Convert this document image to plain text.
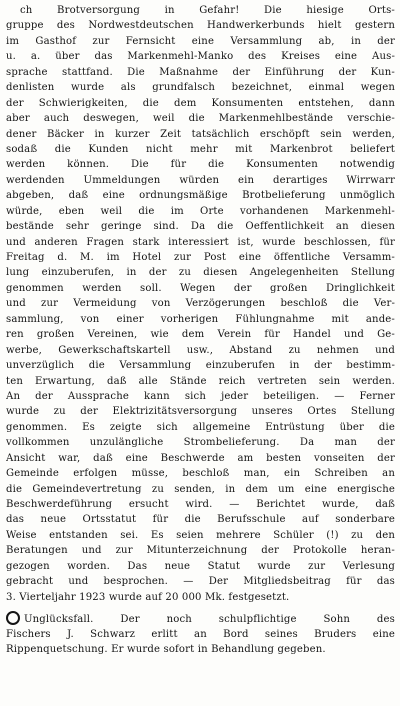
ch Brotversorgung in Gefahr! Die hiesige Orts-
gruppe des Nordwestdeutschen Handwerkerbunds hielt gestern
im Gasthof zur Fernsicht eine Versammlung ab, in der
u. a. über das Markenmehl-Manko des Kreises eine Aus-
sprache stattfand. Die Maßnahme der Einführung der Kun-
denlisten wurde als grundfalsch bezeichnet, einmal wegen
der Schwierigkeiten, die dem Konsumenten entstehen, dann
aber auch deswegen, weil die Markenmehlbestände verschie-
dener Bäcker in kurzer Zeit tatsächlich erschöpft sein werden,
sodaß die Kunden nicht mehr mit Markenbrot beliefert
werden können. Die für die Konsumenten notwendig
werdenden Ummeldungen würden ein derartiges Wirrwarr
abgeben, daß eine ordnungsmäßige Brotbelieferung unmöglich
würde, eben weil die im Orte vorhandenen Markenmehl-
bestände sehr geringe sind. Da die Oeffentlichkeit an diesen
und anderen Fragen stark interessiert ist, wurde beschlossen, für
Freitag d. M. im Hotel zur Post eine öffentliche Versamm-
lung einzuberufen, in der zu diesen Angelegenheiten Stellung
genommen werden soll. Wegen der großen Dringlichkeit
und zur Vermeidung von Verzögerungen beschloß die Ver-
sammlung, von einer vorherigen Fühlungnahme mit ande-
ren großen Vereinen, wie dem Verein für Handel und Ge-
werbe, Gewerkschaftskartell usw., Abstand zu nehmen und
unverzüglich die Versammlung einzuberufen in der bestimm-
ten Erwartung, daß alle Stände reich vertreten sein werden.
An der Aussprache kann sich jeder beteiligen. — Ferner
wurde zu der Elektrizitätsversorgung unseres Ortes Stellung
genommen. Es zeigte sich allgemeine Entrüstung über die
vollkommen unzulängliche Strombelieferung. Da man der
Ansicht war, daß eine Beschwerde am besten vonseiten der
Gemeinde erfolgen müsse, beschloß man, ein Schreiben an
die Gemeindevertretung zu senden, in dem um eine energische
Beschwerdeführung ersucht wird. — Berichtet wurde, daß
das neue Ortsstatut für die Berufsschule auf sonderbare
Weise entstanden sei. Es seien mehrere Schüler (!) zu den
Beratungen und zur Mitunterzeichnung der Protokolle heran-
gezogen worden. Das neue Statut wurde zur Verlesung
gebracht und besprochen. — Der Mitgliedsbeitrag für das
3. Vierteljahr 1923 wurde auf 20 000 Mk. festgesetzt.
Unglücksfall. Der noch schulpflichtige Sohn des
Fischers J. Schwarz erlitt an Bord seines Bruders eine
Rippenquetschung. Er wurde sofort in Behandlung gegeben.
